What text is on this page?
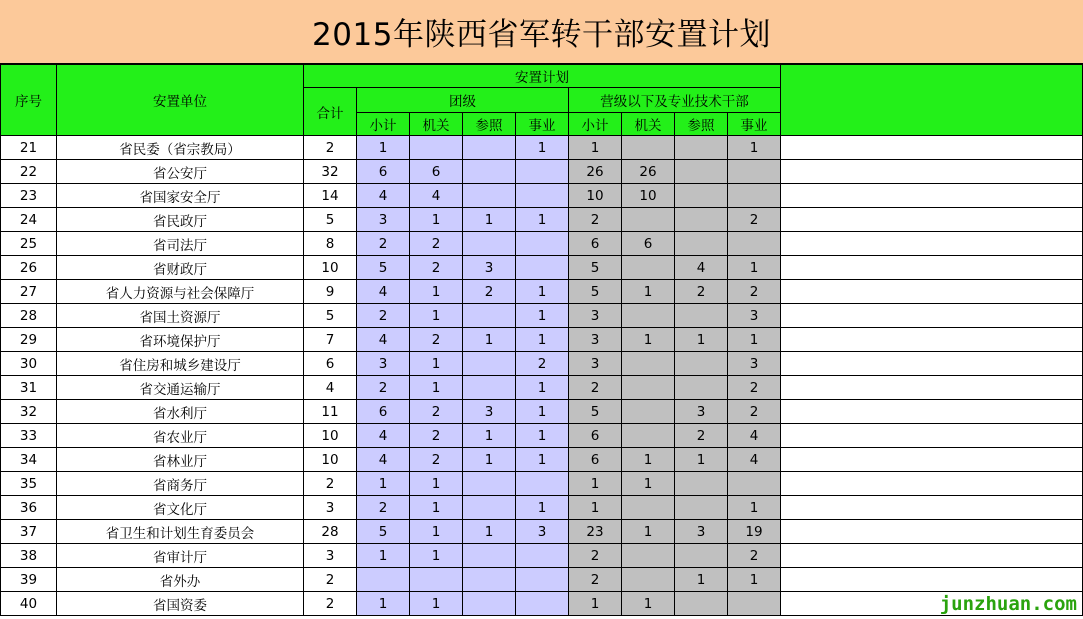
2015年陕西省军转干部安置计划
序号	安置单位	安置计划									
		合计	团级				营级以下及专业技术干部				
			小计	机关	参照	事业	小计	机关	参照	事业	
21	省民委（省宗教局）	2	1			1	1			1	
22	省公安厅	32	6	6			26	26			
23	省国家安全厅	14	4	4			10	10			
24	省民政厅	5	3	1	1	1	2			2	
25	省司法厅	8	2	2			6	6			
26	省财政厅	10	5	2	3		5		4	1	
27	省人力资源与社会保障厅	9	4	1	2	1	5	1	2	2	
28	省国土资源厅	5	2	1		1	3			3	
29	省环境保护厅	7	4	2	1	1	3	1	1	1	
30	省住房和城乡建设厅	6	3	1		2	3			3	
31	省交通运输厅	4	2	1		1	2			2	
32	省水利厅	11	6	2	3	1	5		3	2	
33	省农业厅	10	4	2	1	1	6		2	4	
34	省林业厅	10	4	2	1	1	6	1	1	4	
35	省商务厅	2	1	1			1	1			
36	省文化厅	3	2	1		1	1			1	
37	省卫生和计划生育委员会	28	5	1	1	3	23	1	3	19	
38	省审计厅	3	1	1			2			2	
39	省外办	2					2		1	1	
40	省国资委	2	1	1			1	1				junzhuan.com
